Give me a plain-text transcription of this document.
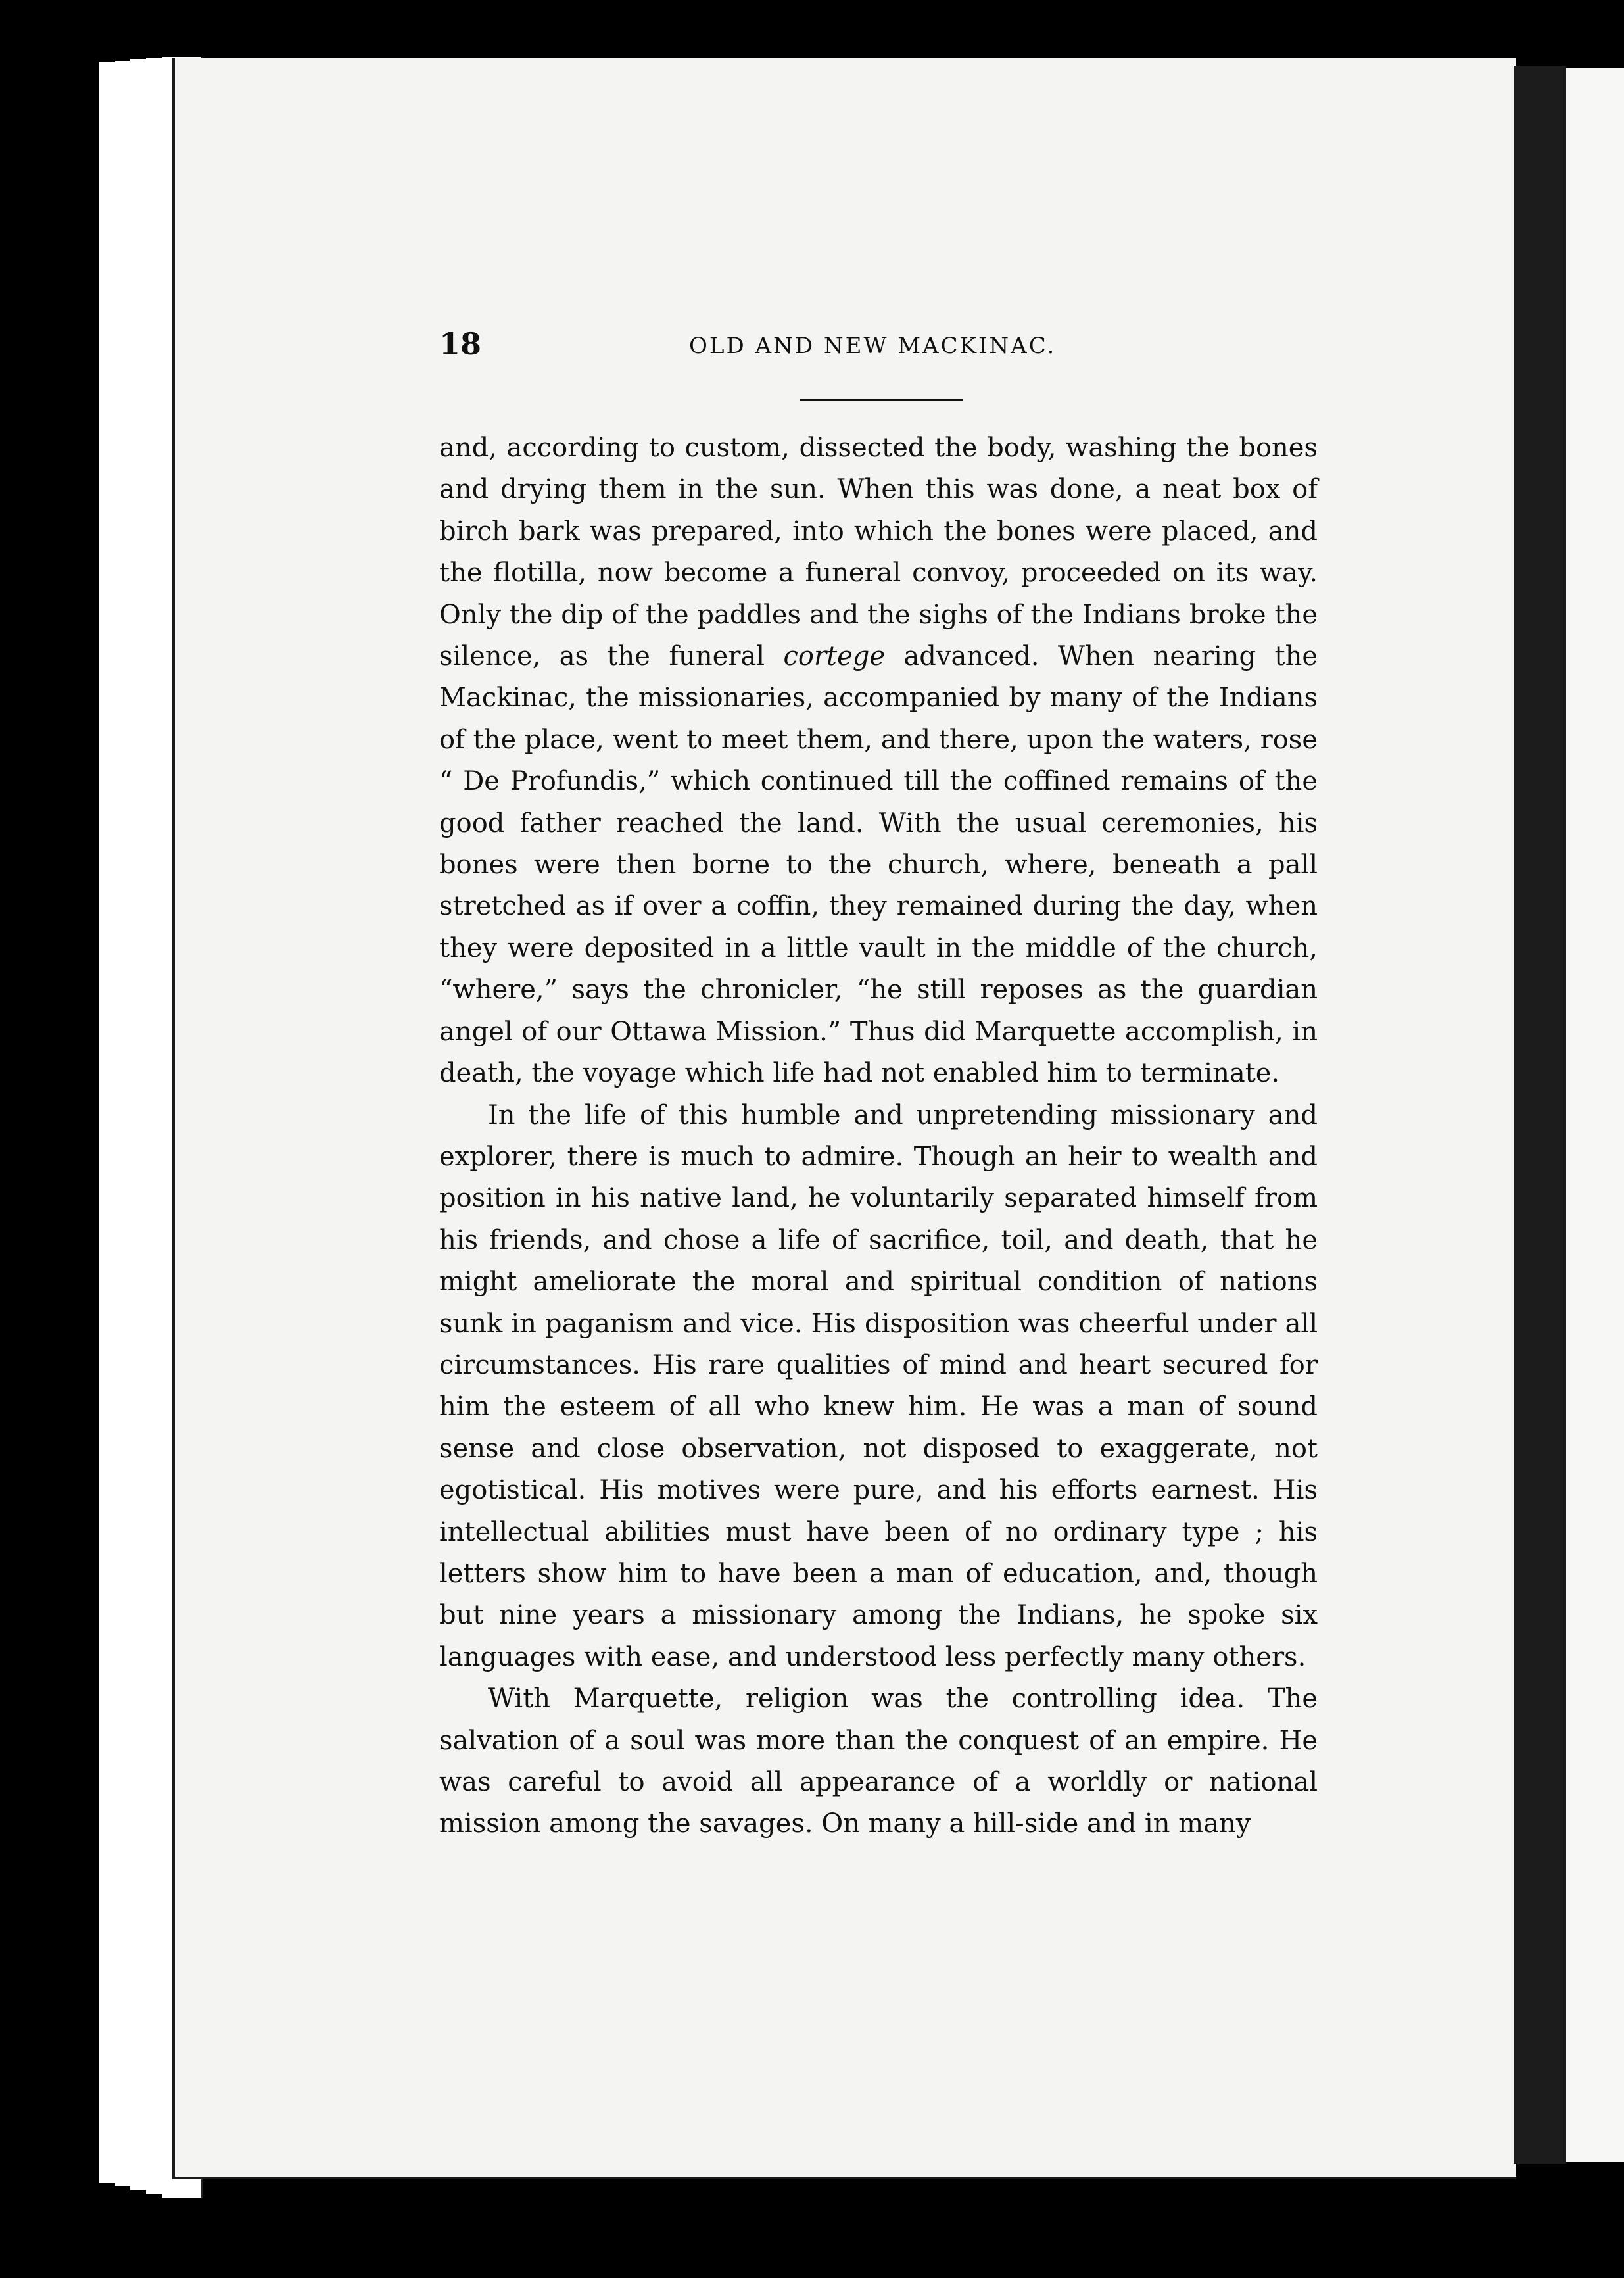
18	OLD AND NEW MACKINAC.

and, according to custom, dissected the body, washing the bones and drying them in the sun. When this was done, a neat box of birch bark was prepared, into which the bones were placed, and the flotilla, now become a funeral convoy, proceeded on its way. Only the dip of the paddles and the sighs of the Indians broke the silence, as the funeral cortege advanced. When nearing the Mackinac, the missionaries, accompanied by many of the Indians of the place, went to meet them, and there, upon the waters, rose “ De Profundis,” which continued till the coffined remains of the good father reached the land. With the usual ceremonies, his bones were then borne to the church, where, beneath a pall stretched as if over a coffin, they remained during the day, when they were deposited in a little vault in the middle of the church, “where,” says the chronicler, “he still reposes as the guardian angel of our Ottawa Mission.” Thus did Marquette accomplish, in death, the voyage which life had not enabled him to terminate.

In the life of this humble and unpretending missionary and explorer, there is much to admire. Though an heir to wealth and position in his native land, he voluntarily separated himself from his friends, and chose a life of sacrifice, toil, and death, that he might ameliorate the moral and spiritual condition of nations sunk in paganism and vice. His disposition was cheerful under all circumstances. His rare qualities of mind and heart secured for him the esteem of all who knew him. He was a man of sound sense and close observation, not disposed to exaggerate, not egotistical. His motives were pure, and his efforts earnest. His intellectual abilities must have been of no ordinary type ; his letters show him to have been a man of education, and, though but nine years a missionary among the Indians, he spoke six languages with ease, and understood less perfectly many others.

With Marquette, religion was the controlling idea. The salvation of a soul was more than the conquest of an empire. He was careful to avoid all appearance of a worldly or national mission among the savages. On many a hill-side and in many
